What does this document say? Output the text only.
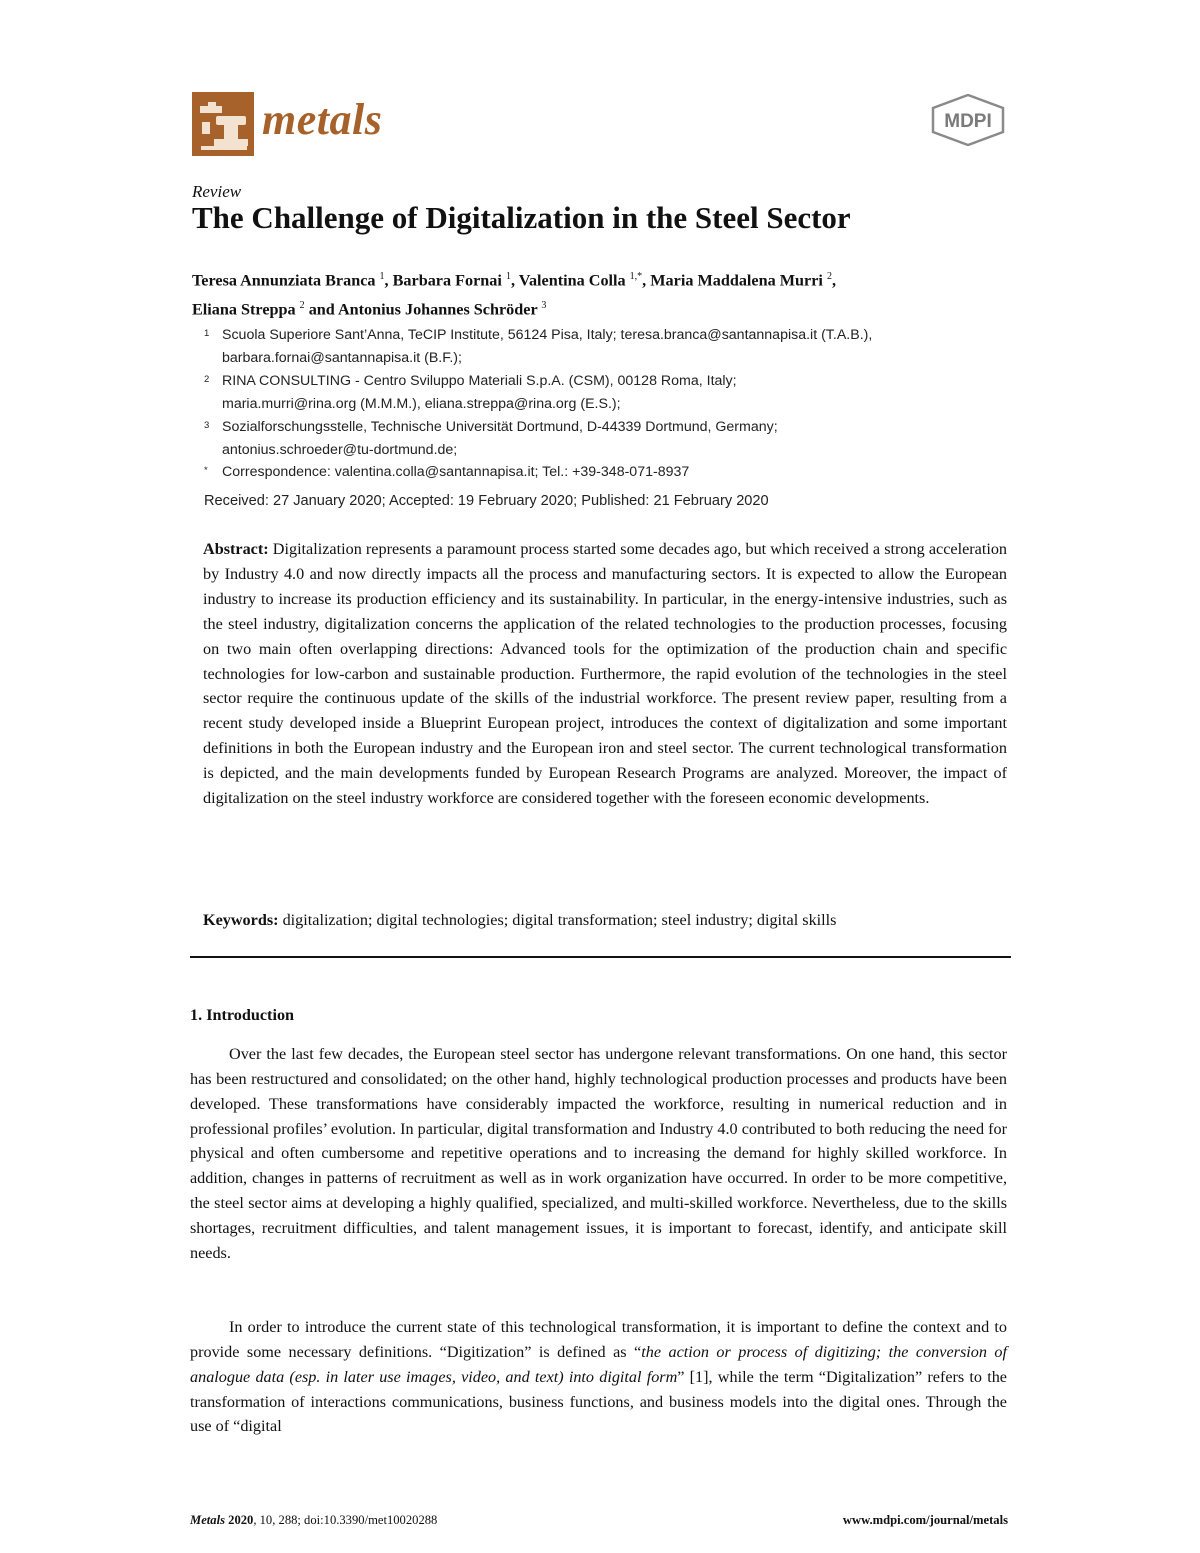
metals	MDPI
Review
The Challenge of Digitalization in the Steel Sector
Teresa Annunziata Branca $^1$, Barbara Fornai $^1$, Valentina Colla $^{1,*}$, Maria Maddalena Murri $^2$,
Eliana Streppa $^2$ and Antonius Johannes Schröder $^3$
1 Scuola Superiore Sant’Anna, TeCIP Institute, 56124 Pisa, Italy; teresa.branca@santannapisa.it (T.A.B.),
barbara.fornai@santannapisa.it (B.F.);
2 RINA CONSULTING - Centro Sviluppo Materiali S.p.A. (CSM), 00128 Roma, Italy;
maria.murri@rina.org (M.M.M.), eliana.streppa@rina.org (E.S.);
3 Sozialforschungsstelle, Technische Universität Dortmund, D-44339 Dortmund, Germany;
antonius.schroeder@tu-dortmund.de;
* Correspondence: valentina.colla@santannapisa.it; Tel.: +39-348-071-8937
Received: 27 January 2020; Accepted: 19 February 2020; Published: 21 February 2020

Abstract: Digitalization represents a paramount process started some decades ago, but which received a strong acceleration by Industry 4.0 and now directly impacts all the process and manufacturing sectors. It is expected to allow the European industry to increase its production efficiency and its sustainability. In particular, in the energy-intensive industries, such as the steel industry, digitalization concerns the application of the related technologies to the production processes, focusing on two main often overlapping directions: Advanced tools for the optimization of the production chain and specific technologies for low-carbon and sustainable production. Furthermore, the rapid evolution of the technologies in the steel sector require the continuous update of the skills of the industrial workforce. The present review paper, resulting from a recent study developed inside a Blueprint European project, introduces the context of digitalization and some important definitions in both the European industry and the European iron and steel sector. The current technological transformation is depicted, and the main developments funded by European Research Programs are analyzed. Moreover, the impact of digitalization on the steel industry workforce are considered together with the foreseen economic developments.

Keywords: digitalization; digital technologies; digital transformation; steel industry; digital skills

1. Introduction

Over the last few decades, the European steel sector has undergone relevant transformations. On one hand, this sector has been restructured and consolidated; on the other hand, highly technological production processes and products have been developed. These transformations have considerably impacted the workforce, resulting in numerical reduction and in professional profiles’ evolution. In particular, digital transformation and Industry 4.0 contributed to both reducing the need for physical and often cumbersome and repetitive operations and to increasing the demand for highly skilled workforce. In addition, changes in patterns of recruitment as well as in work organization have occurred. In order to be more competitive, the steel sector aims at developing a highly qualified, specialized, and multi-skilled workforce. Nevertheless, due to the skills shortages, recruitment difficulties, and talent management issues, it is important to forecast, identify, and anticipate skill needs.

In order to introduce the current state of this technological transformation, it is important to define the context and to provide some necessary definitions. “Digitization” is defined as “the action or process of digitizing; the conversion of analogue data (esp. in later use images, video, and text) into digital form” [1], while the term “Digitalization” refers to the transformation of interactions communications, business functions, and business models into the digital ones. Through the use of “digital

Metals 2020, 10, 288; doi:10.3390/met10020288	www.mdpi.com/journal/metals
